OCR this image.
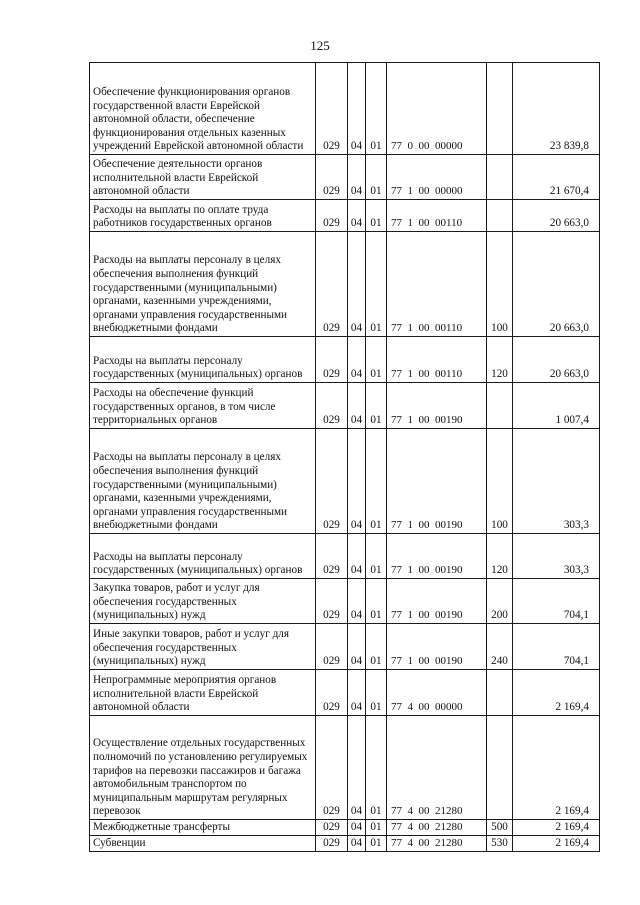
125
Обеспечение функционирования органов государственной власти Еврейской автономной области, обеспечение функционирования отдельных казенных учреждений Еврейской автономной области	029	04	01	77  0  00  00000		23 839,8
Обеспечение деятельности органов исполнительной власти Еврейской автономной области	029	04	01	77  1  00  00000		21 670,4
Расходы на выплаты по оплате труда работников государственных органов	029	04	01	77  1  00  00110		20 663,0
Расходы на выплаты персоналу в целях обеспечения выполнения функций государственными (муниципальными) органами, казенными учреждениями, органами управления государственными внебюджетными фондами	029	04	01	77  1  00  00110	100	20 663,0
Расходы на выплаты персоналу государственных (муниципальных) органов	029	04	01	77  1  00  00110	120	20 663,0
Расходы на обеспечение функций государственных органов, в том числе территориальных органов	029	04	01	77  1  00  00190		1 007,4
Расходы на выплаты персоналу в целях обеспечения выполнения функций государственными (муниципальными) органами, казенными учреждениями, органами управления государственными внебюджетными фондами	029	04	01	77  1  00  00190	100	303,3
Расходы на выплаты персоналу государственных (муниципальных) органов	029	04	01	77  1  00  00190	120	303,3
Закупка товаров, работ и услуг для обеспечения государственных (муниципальных) нужд	029	04	01	77  1  00  00190	200	704,1
Иные закупки товаров, работ и услуг для обеспечения государственных (муниципальных) нужд	029	04	01	77  1  00  00190	240	704,1
Непрограммные мероприятия органов исполнительной власти Еврейской автономной области	029	04	01	77  4  00  00000		2 169,4
Осуществление отдельных государственных полномочий по установлению регулируемых тарифов на перевозки пассажиров и багажа автомобильным транспортом по муниципальным маршрутам регулярных перевозок	029	04	01	77  4  00  21280		2 169,4
Межбюджетные трансферты	029	04	01	77  4  00  21280	500	2 169,4
Субвенции	029	04	01	77  4  00  21280	530	2 169,4
